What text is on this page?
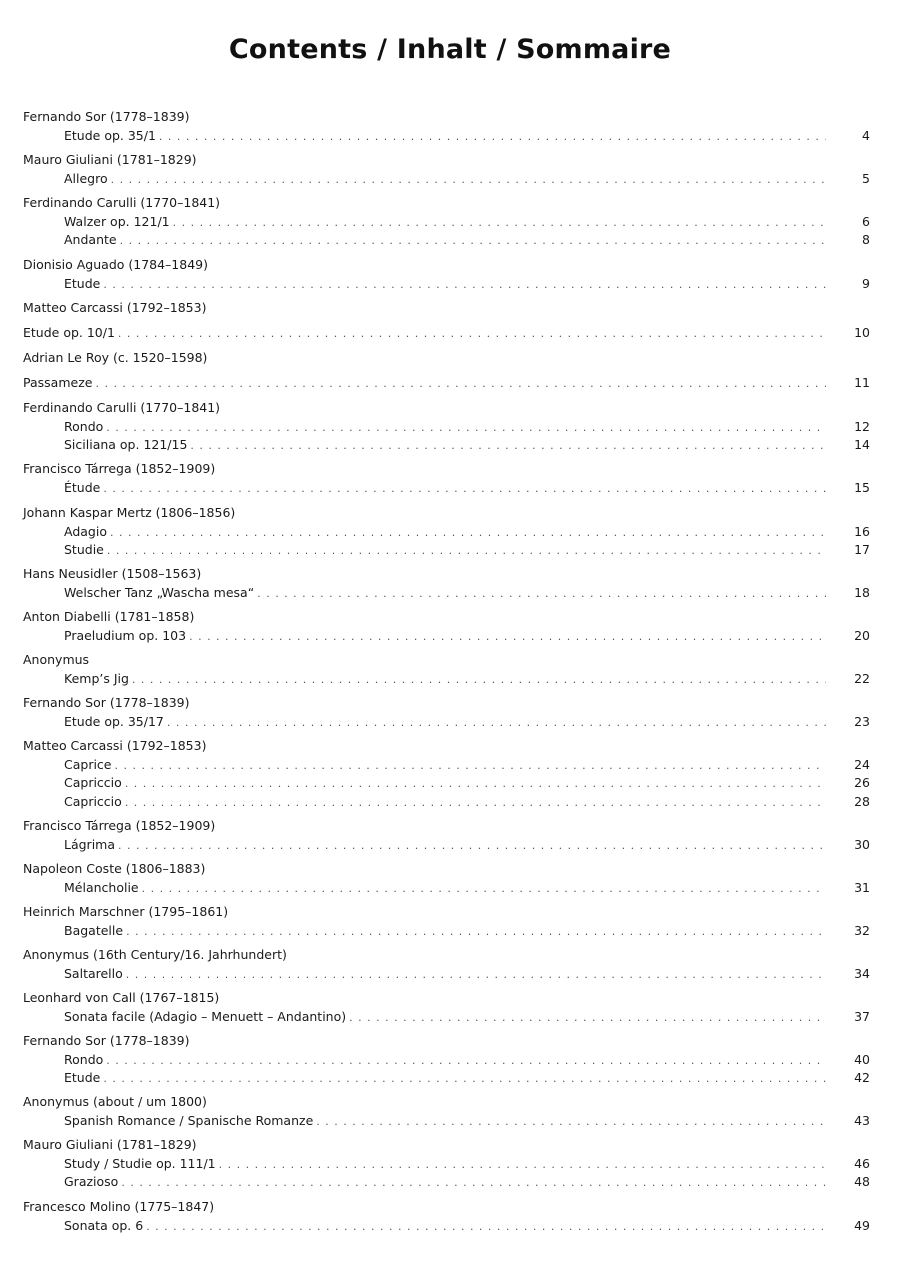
Contents / Inhalt / Sommaire
Fernando Sor (1778–1839)
Etude op. 35/1 . . .	4
Mauro Giuliani (1781–1829)
Allegro . . .	5
Ferdinando Carulli (1770–1841)
Walzer op. 121/1 . . .	6
Andante . . .	8
Dionisio Aguado (1784–1849)
Etude . . .	9
Matteo Carcassi (1792–1853)
Etude op. 10/1 . . .	10
Adrian Le Roy (c. 1520–1598)
Passameze . . .	11
Ferdinando Carulli (1770–1841)
Rondo . . .	12
Siciliana op. 121/15 . . .	14
Francisco Tárrega (1852–1909)
Étude . . .	15
Johann Kaspar Mertz (1806–1856)
Adagio . . .	16
Studie . . .	17
Hans Neusidler (1508–1563)
Welscher Tanz „Wascha mesa“ . . .	18
Anton Diabelli (1781–1858)
Praeludium op. 103 . . .	20
Anonymus
Kemp’s Jig . . .	22
Fernando Sor (1778–1839)
Etude op. 35/17 . . .	23
Matteo Carcassi (1792–1853)
Caprice . . .	24
Capriccio . . .	26
Capriccio . . .	28
Francisco Tárrega (1852–1909)
Lágrima . . .	30
Napoleon Coste (1806–1883)
Mélancholie . . .	31
Heinrich Marschner (1795–1861)
Bagatelle . . .	32
Anonymus (16th Century/16. Jahrhundert)
Saltarello . . .	34
Leonhard von Call (1767–1815)
Sonata facile (Adagio – Menuett – Andantino) . . .	37
Fernando Sor (1778–1839)
Rondo . . .	40
Etude . . .	42
Anonymus (about / um 1800)
Spanish Romance / Spanische Romanze . . .	43
Mauro Giuliani (1781–1829)
Study / Studie op. 111/1 . . .	46
Grazioso . . .	48
Francesco Molino (1775–1847)
Sonata op. 6 . . .	49
